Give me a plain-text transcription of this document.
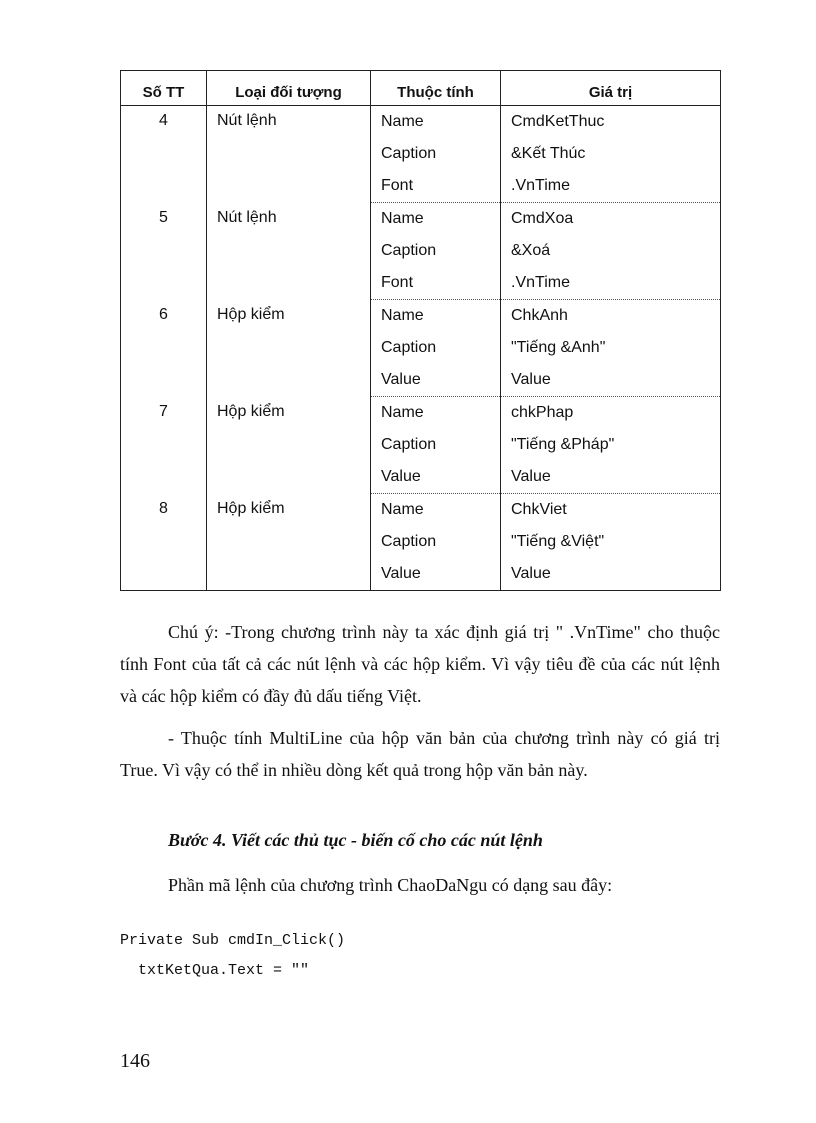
Số TT	Loại đối tượng	Thuộc tính	Giá trị
4	Nút lệnh	Name	CmdKetThuc
		Caption	&Kết Thúc
		Font	.VnTime
5	Nút lệnh	Name	CmdXoa
		Caption	&Xoá
		Font	.VnTime
6	Hộp kiểm	Name	ChkAnh
		Caption	"Tiếng &Anh"
		Value	Value
7	Hộp kiểm	Name	chkPhap
		Caption	"Tiếng &Pháp"
		Value	Value
8	Hộp kiểm	Name	ChkViet
		Caption	"Tiếng &Việt"
		Value	Value

Chú ý: -Trong chương trình này ta xác định giá trị " .VnTime" cho thuộc tính Font của tất cả các nút lệnh và các hộp kiểm. Vì vậy tiêu đề của các nút lệnh và các hộp kiểm có đầy đủ dấu tiếng Việt.

- Thuộc tính MultiLine của hộp văn bản của chương trình này có giá trị True. Vì vậy có thể in nhiều dòng kết quả trong hộp văn bản này.

Bước 4. Viết các thủ tục - biến cố cho các nút lệnh
Phần mã lệnh của chương trình ChaoDaNgu có dạng sau đây:
Private Sub cmdIn_Click()
txtKetQua.Text = ""
146
